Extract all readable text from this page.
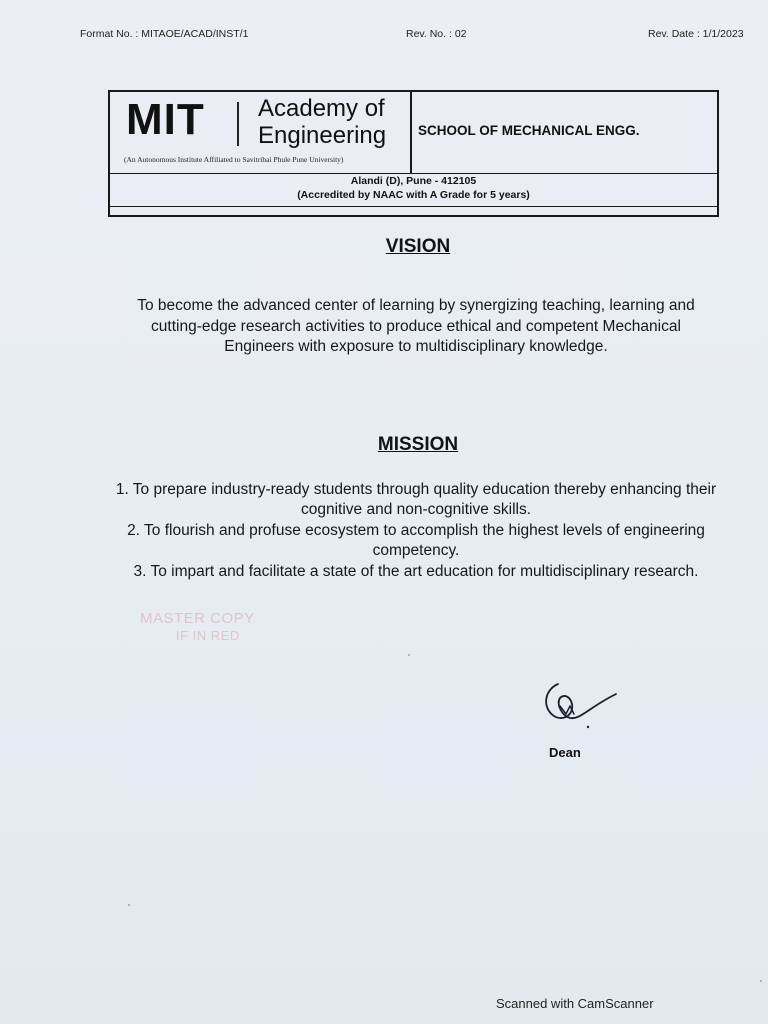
Format No. : MITAOE/ACAD/INST/1	Rev. No. : 02	Rev. Date : 1/1/2023
MIT Academy of
Engineering
(An Autonomous Institute Affiliated to Savitribai Phule Pune University)
SCHOOL OF MECHANICAL ENGG.
Alandi (D), Pune - 412105
(Accredited by NAAC with A Grade for 5 years)
VISION
To become the advanced center of learning by synergizing teaching, learning and cutting-edge research activities to produce ethical and competent Mechanical Engineers with exposure to multidisciplinary knowledge.
MISSION
1. To prepare industry-ready students through quality education thereby enhancing their cognitive and non-cognitive skills.
2. To flourish and profuse ecosystem to accomplish the highest levels of engineering competency.
3. To impart and facilitate a state of the art education for multidisciplinary research.
MASTER COPY
IF IN RED
Dean
Scanned with CamScanner
